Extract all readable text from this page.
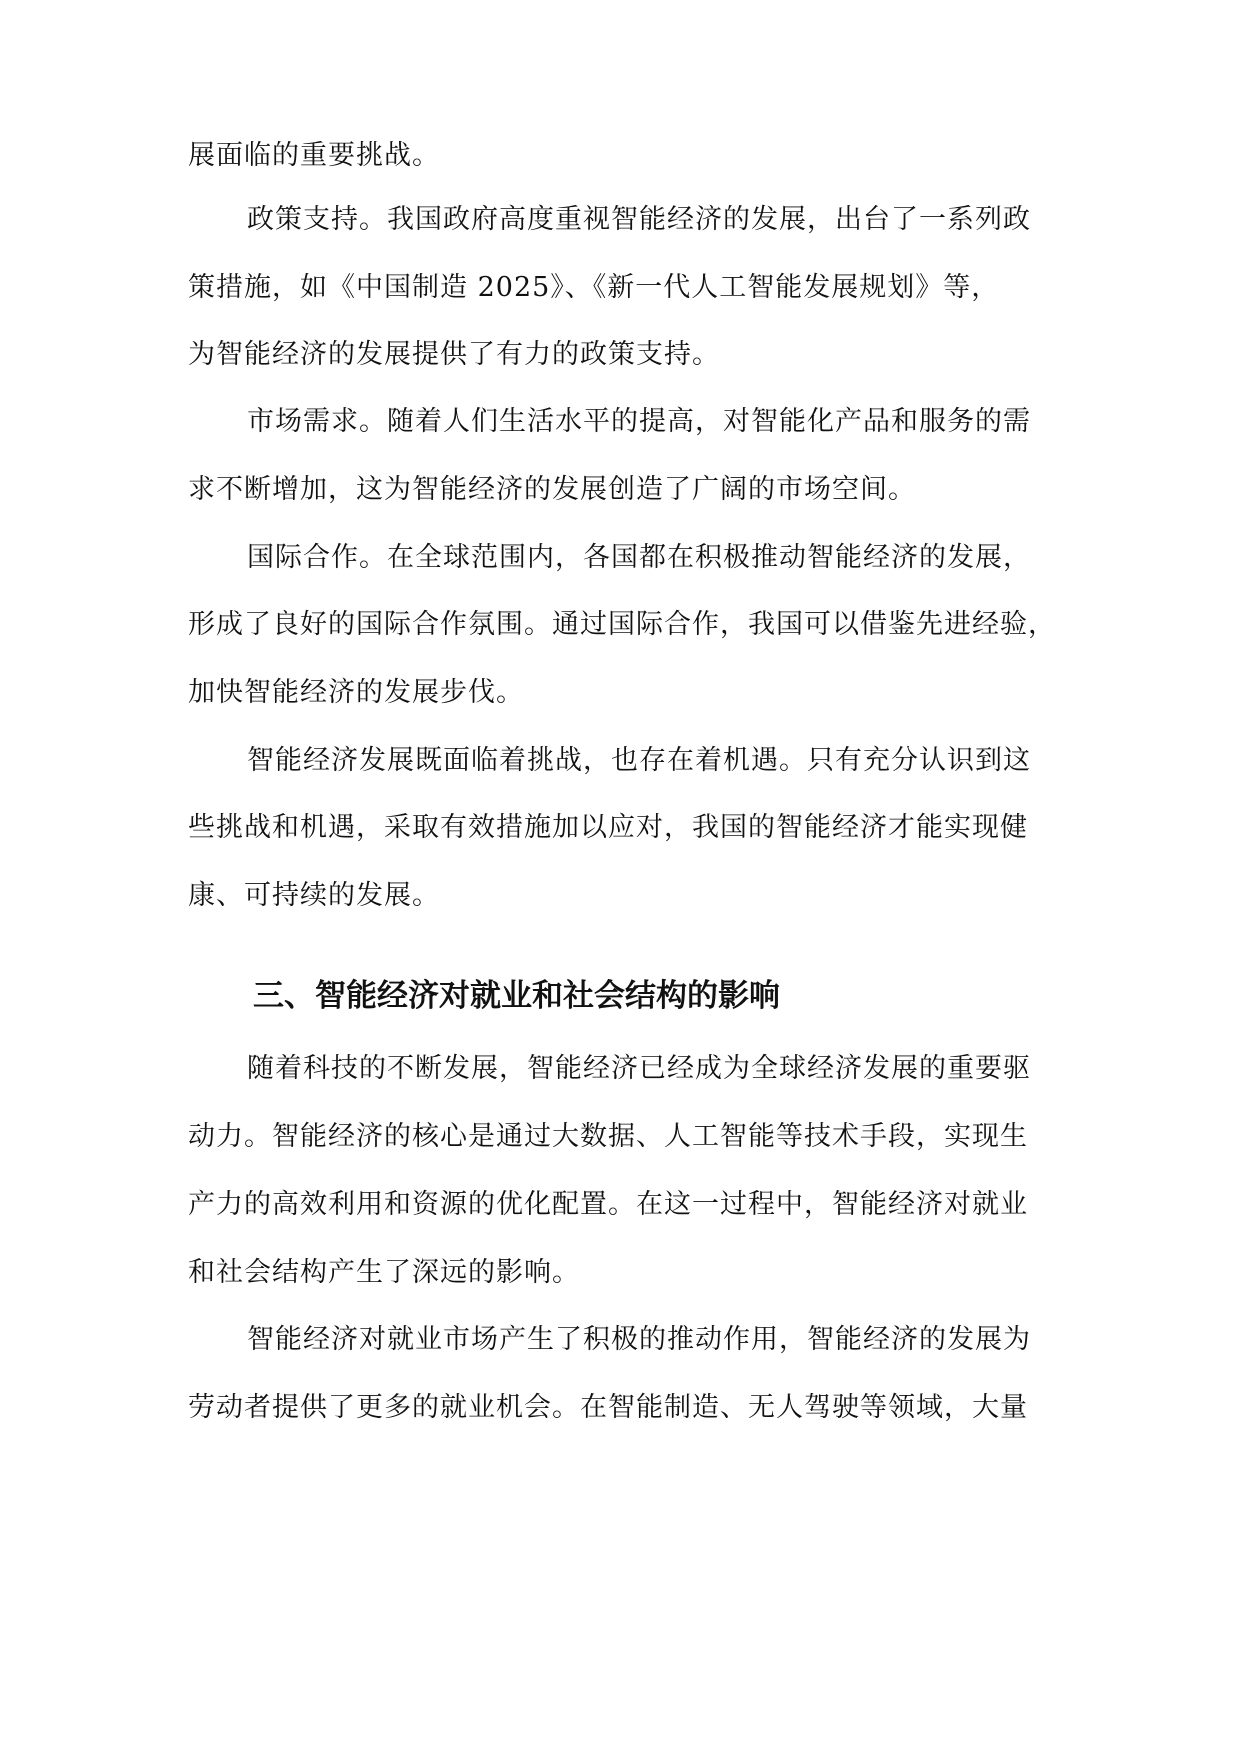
展面临的重要挑战。
政策支持。我国政府高度重视智能经济的发展，出台了一系列政
策措施，如《中国制造 2025》、《新一代人工智能发展规划》等，
为智能经济的发展提供了有力的政策支持。
市场需求。随着人们生活水平的提高，对智能化产品和服务的需
求不断增加，这为智能经济的发展创造了广阔的市场空间。
国际合作。在全球范围内，各国都在积极推动智能经济的发展，
形成了良好的国际合作氛围。通过国际合作，我国可以借鉴先进经验，
加快智能经济的发展步伐。
智能经济发展既面临着挑战，也存在着机遇。只有充分认识到这
些挑战和机遇，采取有效措施加以应对，我国的智能经济才能实现健
康、可持续的发展。
三、智能经济对就业和社会结构的影响
随着科技的不断发展，智能经济已经成为全球经济发展的重要驱
动力。智能经济的核心是通过大数据、人工智能等技术手段，实现生
产力的高效利用和资源的优化配置。在这一过程中，智能经济对就业
和社会结构产生了深远的影响。
智能经济对就业市场产生了积极的推动作用，智能经济的发展为
劳动者提供了更多的就业机会。在智能制造、无人驾驶等领域，大量
